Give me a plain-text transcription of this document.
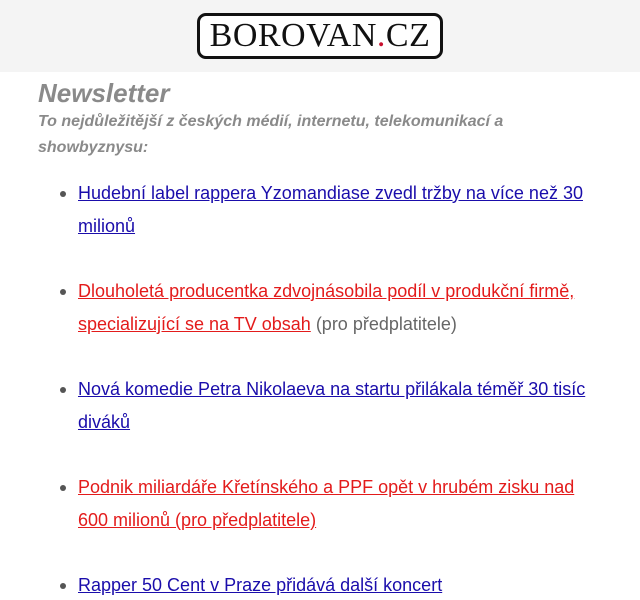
BOROVAN . CZ
Newsletter
To nejdůležitější z českých médií, internetu, telekomunikací a showbyznysu:
Hudební label rappera Yzomandiase zvedl tržby na více než 30 milionů
Dlouholetá producentka zdvojnásobila podíl v produkční firmě, specializující se na TV obsah (pro předplatitele)
Nová komedie Petra Nikolaeva na startu přilákala téměř 30 tisíc diváků
Podnik miliardáře Křetínského a PPF opět v hrubém zisku nad 600 milionů (pro předplatitele)
Rapper 50 Cent v Praze přidává další koncert
